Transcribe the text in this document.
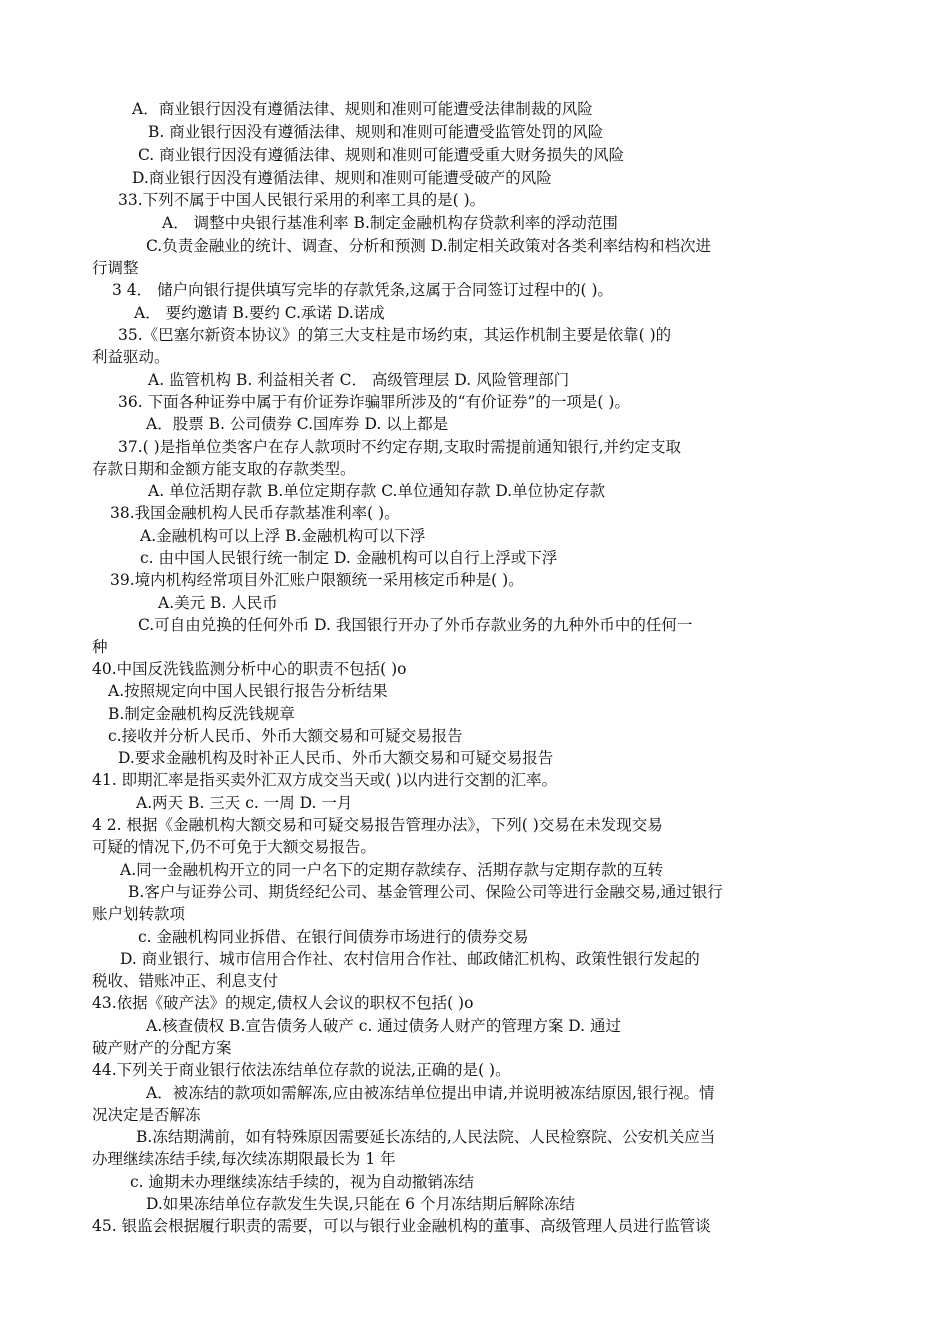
A．商业银行因没有遵循法律、规则和准则可能遭受法律制裁的风险
B. 商业银行因没有遵循法律、规则和准则可能遭受监管处罚的风险
C. 商业银行因没有遵循法律、规则和准则可能遭受重大财务损失的风险
D.商业银行因没有遵循法律、规则和准则可能遭受破产的风险
33.下列不属于中国人民银行采用的利率工具的是( )。
A． 调整中央银行基准利率 B.制定金融机构存贷款利率的浮动范围
C.负责金融业的统计、调查、分析和预测 D.制定相关政策对各类利率结构和档次进
行调整
3 4． 储户向银行提供填写完毕的存款凭条,这属于合同签订过程中的( )。
A． 要约邀请 B.要约 C.承诺 D.诺成
35.《巴塞尔新资本协议》的第三大支柱是市场约束，其运作机制主要是依靠( )的
利益驱动。
A. 监管机构 B. 利益相关者 C． 高级管理层 D. 风险管理部门
36. 下面各种证券中属于有价证券诈骗罪所涉及的“有价证券”的一项是( )。
A．股票 B. 公司债券 C.国库券 D. 以上都是
37.( )是指单位类客户在存人款项时不约定存期,支取时需提前通知银行,并约定支取
存款日期和金额方能支取的存款类型。
A. 单位活期存款 B.单位定期存款 C.单位通知存款 D.单位协定存款
38.我国金融机构人民币存款基准利率( )。
A.金融机构可以上浮 B.金融机构可以下浮
c. 由中国人民银行统一制定 D. 金融机构可以自行上浮或下浮
39.境内机构经常项目外汇账户限额统一采用核定币种是( )。
A.美元 B. 人民币
C.可自由兑换的任何外币 D. 我国银行开办了外币存款业务的九种外币中的任何一
种
40.中国反洗钱监测分析中心的职责不包括( )o
A.按照规定向中国人民银行报告分析结果
B.制定金融机构反洗钱规章
c.接收并分析人民币、外币大额交易和可疑交易报告
D.要求金融机构及时补正人民币、外币大额交易和可疑交易报告
41. 即期汇率是指买卖外汇双方成交当天或( )以内进行交割的汇率。
A.两天 B. 三天 c. 一周 D. 一月
4 2. 根据《金融机构大额交易和可疑交易报告管理办法》，下列( )交易在未发现交易
可疑的情况下,仍不可免于大额交易报告。
A.同一金融机构开立的同一户名下的定期存款续存、活期存款与定期存款的互转
B.客户与证券公司、期货经纪公司、基金管理公司、保险公司等进行金融交易,通过银行
账户划转款项
c. 金融机构同业拆借、在银行间债券市场进行的债券交易
D. 商业银行、城市信用合作社、农村信用合作社、邮政储汇机构、政策性银行发起的
税收、错账冲正、利息支付
43.依据《破产法》的规定,债权人会议的职权不包括( )o
A.核查债权 B.宣告债务人破产 c. 通过债务人财产的管理方案 D. 通过
破产财产的分配方案
44.下列关于商业银行依法冻结单位存款的说法,正确的是( )。
A．被冻结的款项如需解冻,应由被冻结单位提出申请,并说明被冻结原因,银行视。情
况决定是否解冻
B.冻结期满前，如有特殊原因需要延长冻结的,人民法院、人民检察院、公安机关应当
办理继续冻结手续,每次续冻期限最长为 1 年
c. 逾期未办理继续冻结手续的，视为自动撤销冻结
D.如果冻结单位存款发生失误,只能在 6 个月冻结期后解除冻结
45. 银监会根据履行职责的需要，可以与银行业金融机构的董事、高级管理人员进行监管谈
